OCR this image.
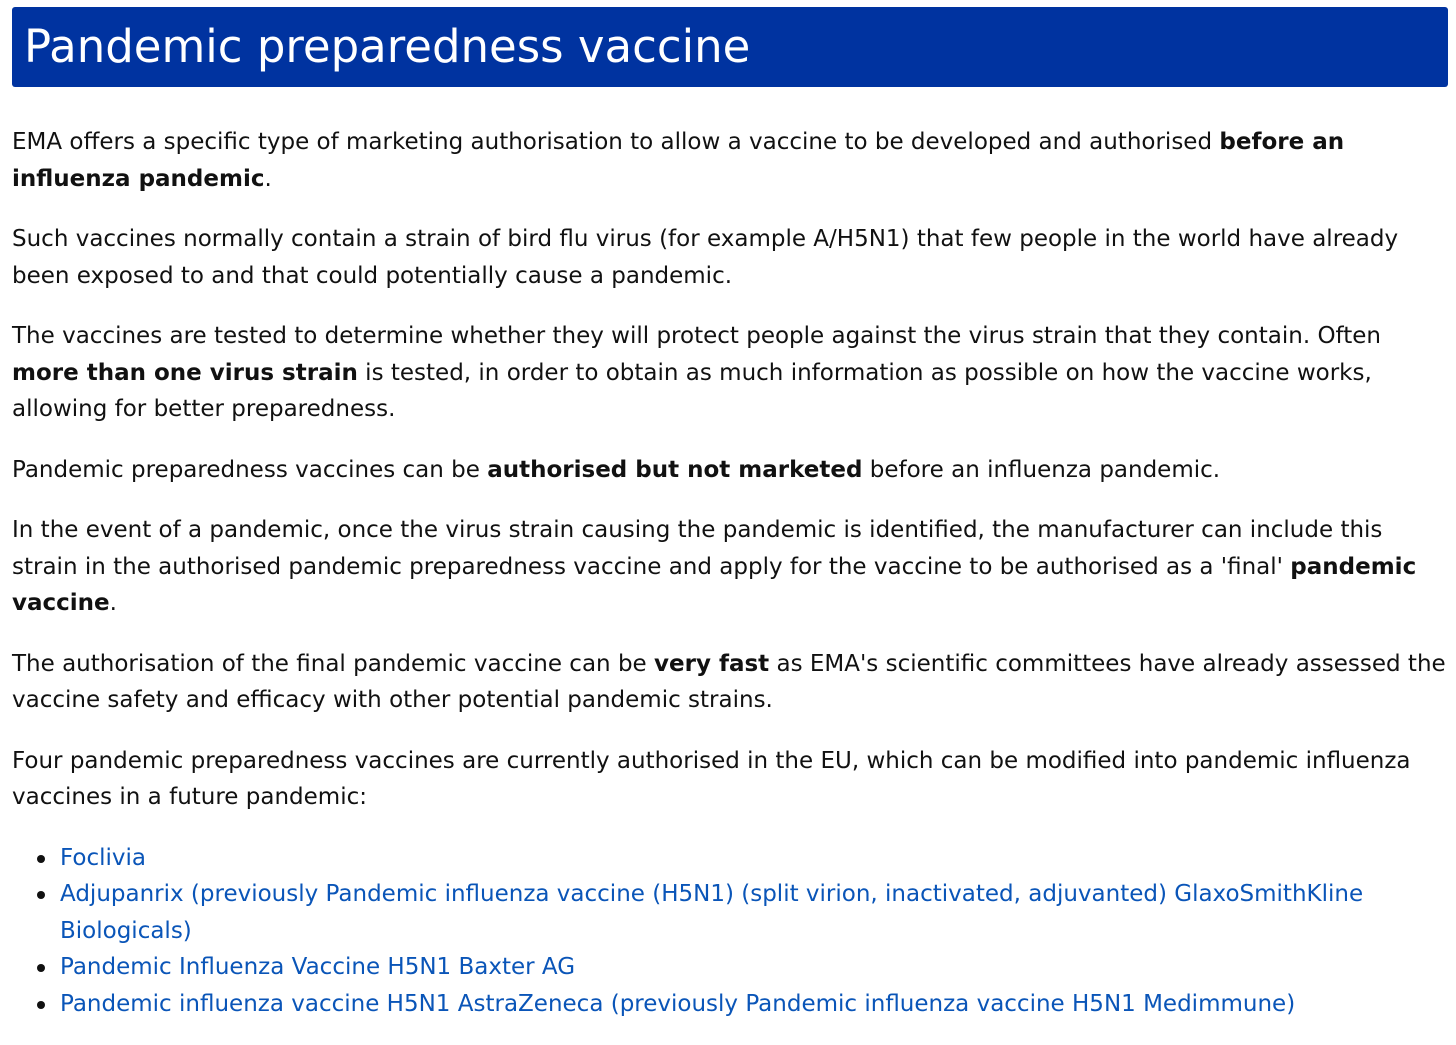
Pandemic preparedness vaccine

EMA offers a specific type of marketing authorisation to allow a vaccine to be developed and authorised before an influenza pandemic.

Such vaccines normally contain a strain of bird flu virus (for example A/H5N1) that few people in the world have already been exposed to and that could potentially cause a pandemic.

The vaccines are tested to determine whether they will protect people against the virus strain that they contain. Often more than one virus strain is tested, in order to obtain as much information as possible on how the vaccine works, allowing for better preparedness.

Pandemic preparedness vaccines can be authorised but not marketed before an influenza pandemic.

In the event of a pandemic, once the virus strain causing the pandemic is identified, the manufacturer can include this strain in the authorised pandemic preparedness vaccine and apply for the vaccine to be authorised as a 'final' pandemic vaccine.

The authorisation of the final pandemic vaccine can be very fast as EMA's scientific committees have already assessed the vaccine safety and efficacy with other potential pandemic strains.

Four pandemic preparedness vaccines are currently authorised in the EU, which can be modified into pandemic influenza vaccines in a future pandemic:

Foclivia
Adjupanrix (previously Pandemic influenza vaccine (H5N1) (split virion, inactivated, adjuvanted) GlaxoSmithKline Biologicals)
Pandemic Influenza Vaccine H5N1 Baxter AG
Pandemic influenza vaccine H5N1 AstraZeneca (previously Pandemic influenza vaccine H5N1 Medimmune)
